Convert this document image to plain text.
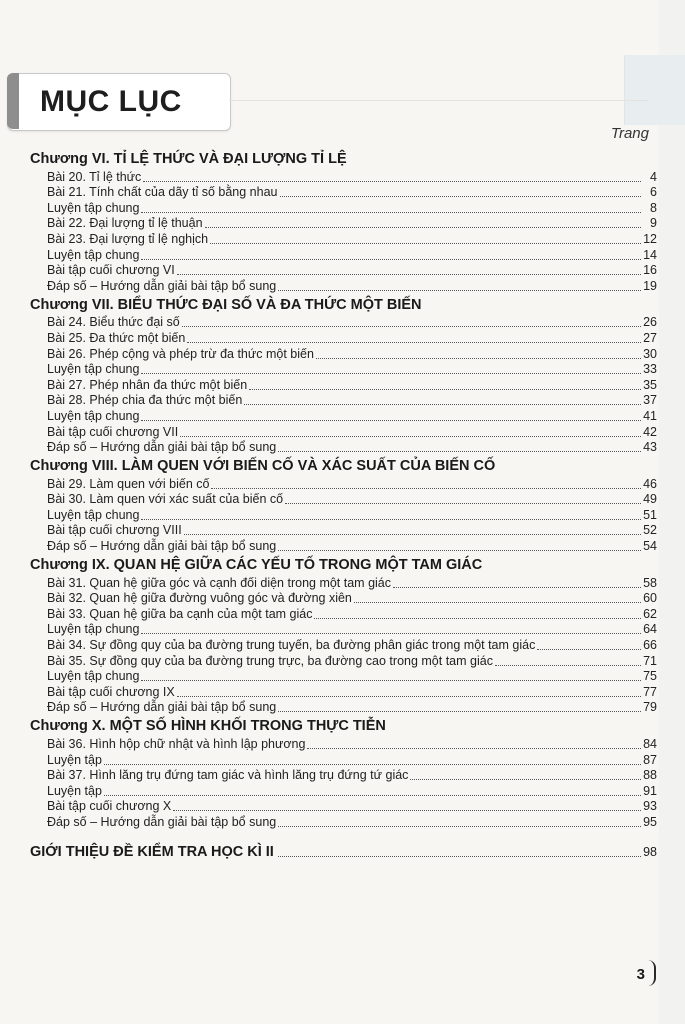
MỤC LỤC
Trang
Chương VI. TỈ LỆ THỨC VÀ ĐẠI LƯỢNG TỈ LỆ
Bài 20. Tỉ lệ thức	4
Bài 21. Tính chất của dãy tỉ số bằng nhau	6
Luyện tập chung	8
Bài 22. Đại lượng tỉ lệ thuận	9
Bài 23. Đại lượng tỉ lệ nghịch	12
Luyện tập chung	14
Bài tập cuối chương VI	16
Đáp số – Hướng dẫn giải bài tập bổ sung	19
Chương VII. BIỂU THỨC ĐẠI SỐ VÀ ĐA THỨC MỘT BIẾN
Bài 24. Biểu thức đại số	26
Bài 25. Đa thức một biến	27
Bài 26. Phép cộng và phép trừ đa thức một biến	30
Luyện tập chung	33
Bài 27. Phép nhân đa thức một biến	35
Bài 28. Phép chia đa thức một biến	37
Luyện tập chung	41
Bài tập cuối chương VII	42
Đáp số – Hướng dẫn giải bài tập bổ sung	43
Chương VIII. LÀM QUEN VỚI BIẾN CỐ VÀ XÁC SUẤT CỦA BIẾN CỐ
Bài 29. Làm quen với biến cố	46
Bài 30. Làm quen với xác suất của biến cố	49
Luyện tập chung	51
Bài tập cuối chương VIII	52
Đáp số – Hướng dẫn giải bài tập bổ sung	54
Chương IX. QUAN HỆ GIỮA CÁC YẾU TỐ TRONG MỘT TAM GIÁC
Bài 31. Quan hệ giữa góc và cạnh đối diện trong một tam giác	58
Bài 32. Quan hệ giữa đường vuông góc và đường xiên	60
Bài 33. Quan hệ giữa ba cạnh của một tam giác	62
Luyện tập chung	64
Bài 34. Sự đồng quy của ba đường trung tuyến, ba đường phân giác trong một tam giác	66
Bài 35. Sự đồng quy của ba đường trung trực, ba đường cao trong một tam giác	71
Luyện tập chung	75
Bài tập cuối chương IX	77
Đáp số – Hướng dẫn giải bài tập bổ sung	79
Chương X. MỘT SỐ HÌNH KHỐI TRONG THỰC TIỄN
Bài 36. Hình hộp chữ nhật và hình lập phương	84
Luyện tập	87
Bài 37. Hình lăng trụ đứng tam giác và hình lăng trụ đứng tứ giác	88
Luyện tập	91
Bài tập cuối chương X	93
Đáp số – Hướng dẫn giải bài tập bổ sung	95
GIỚI THIỆU ĐỀ KIỂM TRA HỌC KÌ II	98
3
